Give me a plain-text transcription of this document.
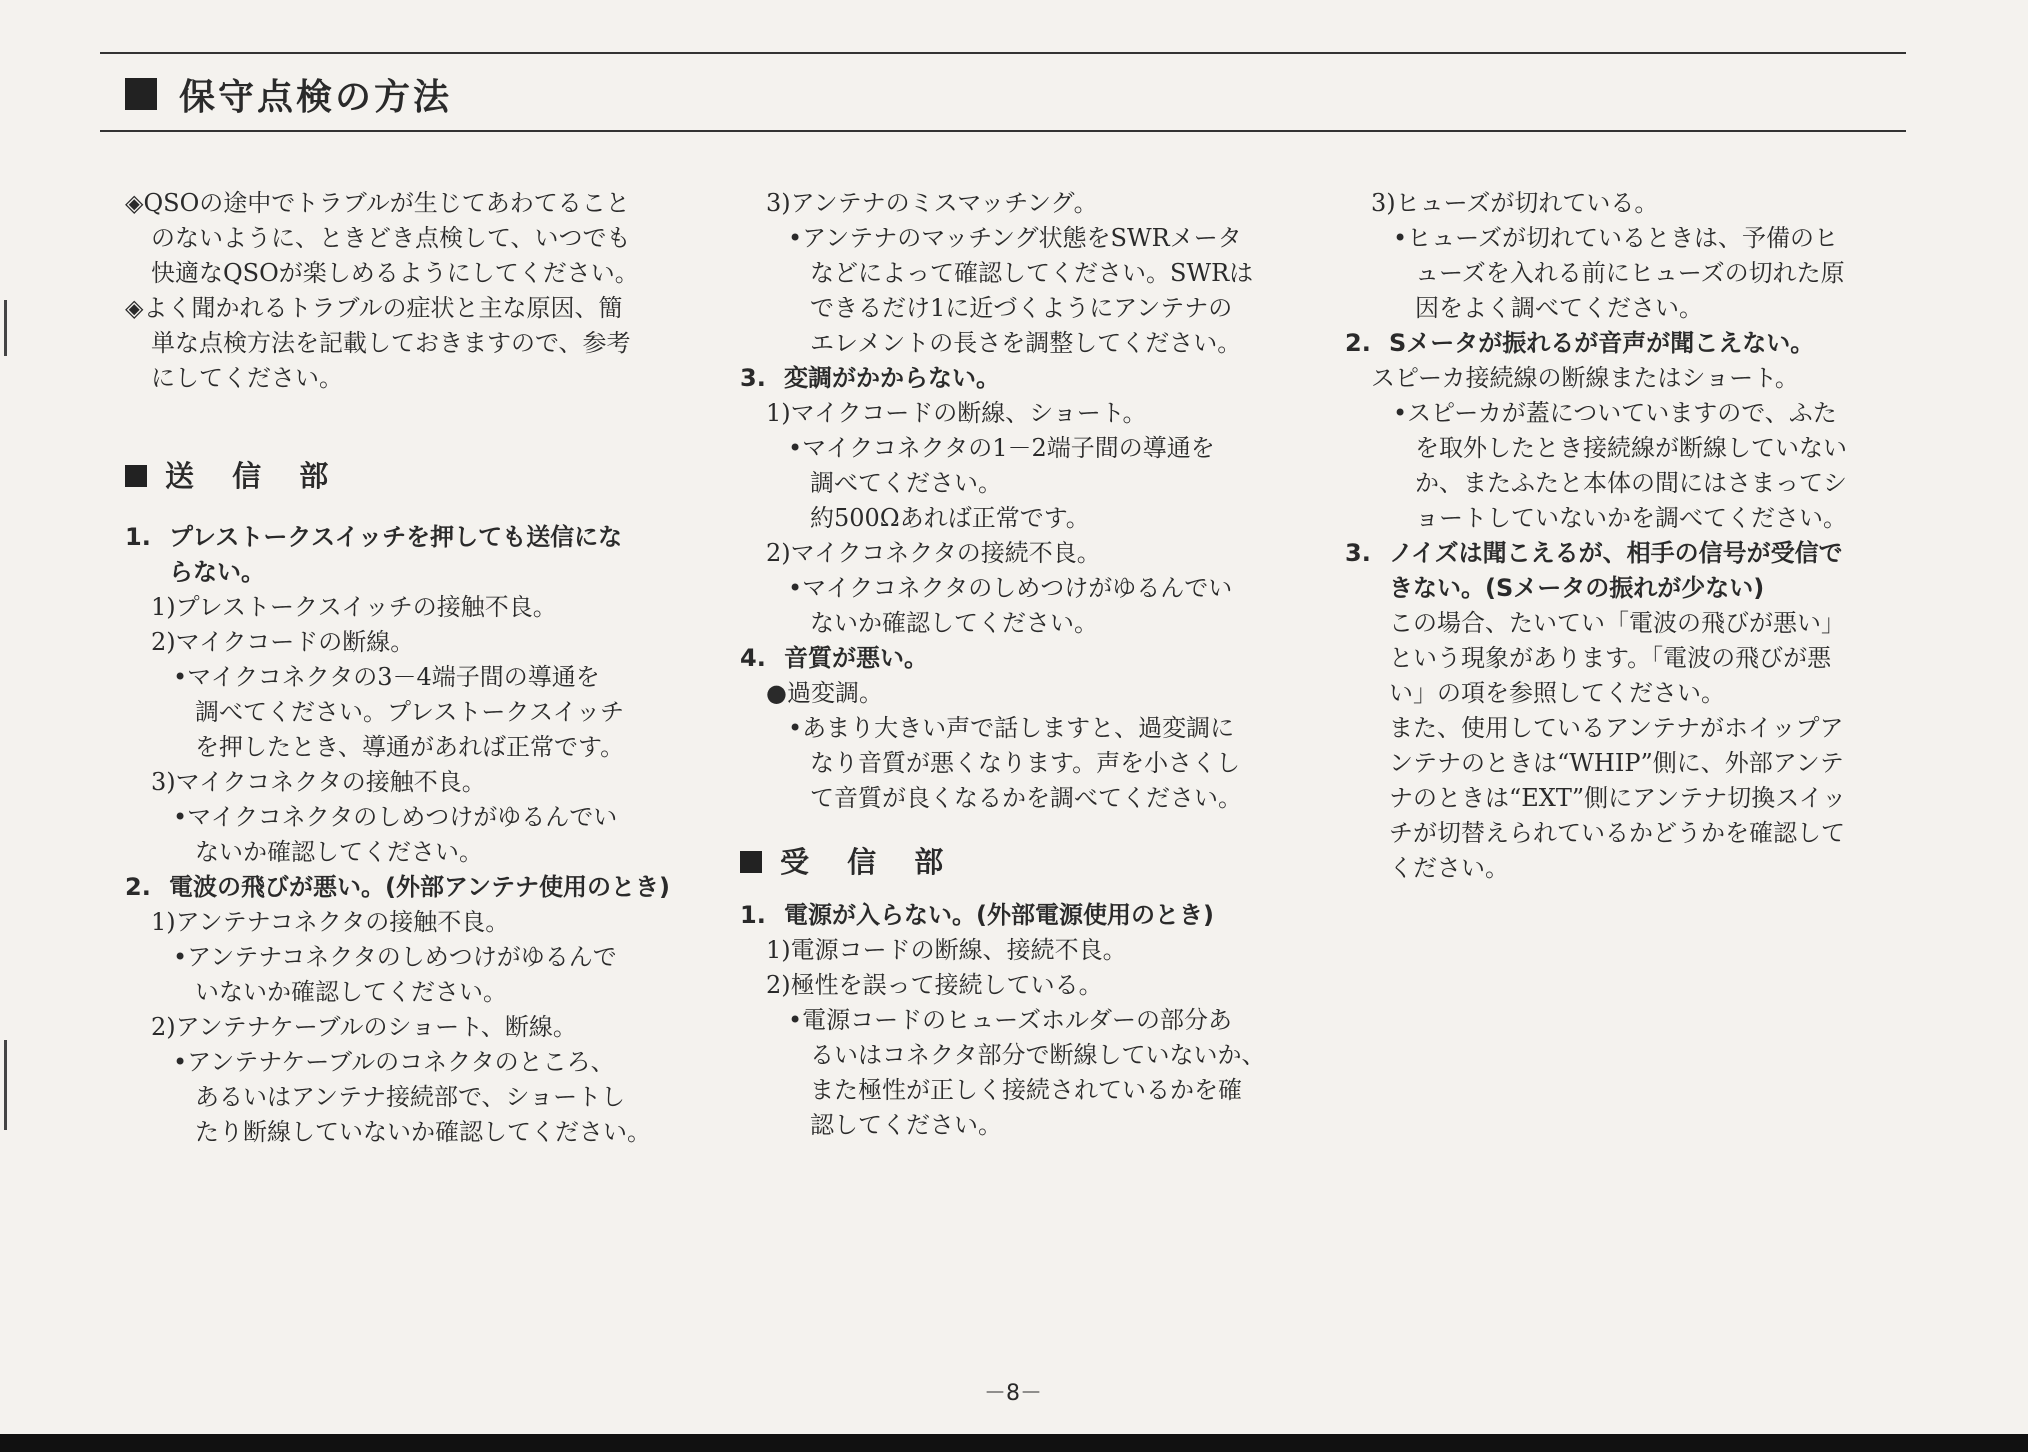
保守点検の方法
◈QSOの途中でトラブルが生じてあわてること
のないように、ときどき点検して、いつでも
快適なQSOが楽しめるようにしてください。
◈よく聞かれるトラブルの症状と主な原因、簡
単な点検方法を記載しておきますので、参考
にしてください。
送 信 部
1. プレストークスイッチを押しても送信にな
らない。
1)プレストークスイッチの接触不良。
2)マイクコードの断線。
•マイクコネクタの3－4端子間の導通を
調べてください。プレストークスイッチ
を押したとき、導通があれば正常です。
3)マイクコネクタの接触不良。
•マイクコネクタのしめつけがゆるんでい
ないか確認してください。
2. 電波の飛びが悪い。(外部アンテナ使用のとき)
1)アンテナコネクタの接触不良。
•アンテナコネクタのしめつけがゆるんで
いないか確認してください。
2)アンテナケーブルのショート、断線。
•アンテナケーブルのコネクタのところ、
あるいはアンテナ接続部で、ショートし
たり断線していないか確認してください。
3)アンテナのミスマッチング。
•アンテナのマッチング状態をSWRメータ
などによって確認してください。SWRは
できるだけ1に近づくようにアンテナの
エレメントの長さを調整してください。
3. 変調がかからない。
1)マイクコードの断線、ショート。
•マイクコネクタの1－2端子間の導通を
調べてください。
約500Ωあれば正常です。
2)マイクコネクタの接続不良。
•マイクコネクタのしめつけがゆるんでい
ないか確認してください。
4. 音質が悪い。
●過変調。
•あまり大きい声で話しますと、過変調に
なり音質が悪くなります。声を小さくし
て音質が良くなるかを調べてください。
受 信 部
1. 電源が入らない。(外部電源使用のとき)
1)電源コードの断線、接続不良。
2)極性を誤って接続している。
•電源コードのヒューズホルダーの部分あ
るいはコネクタ部分で断線していないか、
また極性が正しく接続されているかを確
認してください。
3)ヒューズが切れている。
•ヒューズが切れているときは、予備のヒ
ューズを入れる前にヒューズの切れた原
因をよく調べてください。
2. Sメータが振れるが音声が聞こえない。
スピーカ接続線の断線またはショート。
•スピーカが蓋についていますので、ふた
を取外したとき接続線が断線していない
か、またふたと本体の間にはさまってシ
ョートしていないかを調べてください。
3. ノイズは聞こえるが、相手の信号が受信で
きない。(Sメータの振れが少ない)
この場合、たいてい「電波の飛びが悪い」
という現象があります。「電波の飛びが悪
い」の項を参照してください。
また、使用しているアンテナがホイップア
ンテナのときは“WHIP”側に、外部アンテ
ナのときは“EXT”側にアンテナ切換スイッ
チが切替えられているかどうかを確認して
ください。
－8－
